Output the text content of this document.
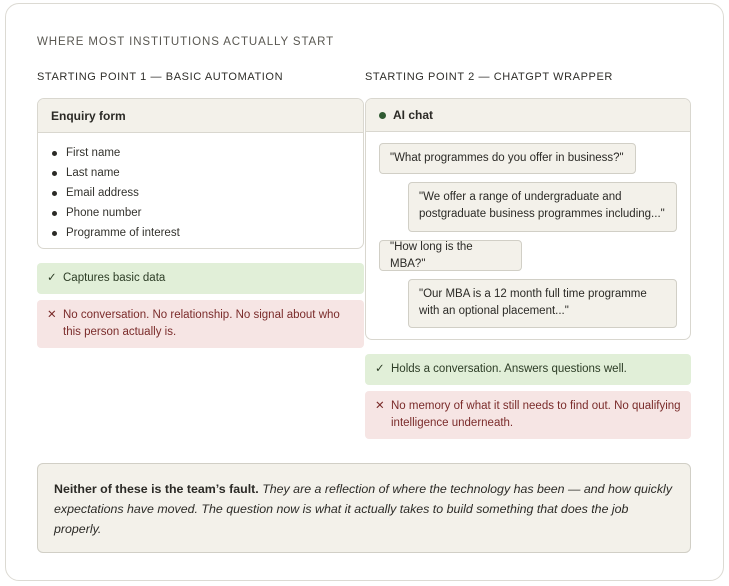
WHERE MOST INSTITUTIONS ACTUALLY START
STARTING POINT 1 — BASIC AUTOMATION
Enquiry form
First name
Last name
Email address
Phone number
Programme of interest
✓ Captures basic data
✕ No conversation. No relationship. No signal about who this person actually is.
STARTING POINT 2 — CHATGPT WRAPPER
AI chat
"What programmes do you offer in business?"
"We offer a range of undergraduate and postgraduate business programmes including..."
"How long is the MBA?"
"Our MBA is a 12 month full time programme with an optional placement..."
✓ Holds a conversation. Answers questions well.
✕ No memory of what it still needs to find out. No qualifying intelligence underneath.
Neither of these is the team’s fault. They are a reflection of where the technology has been — and how quickly expectations have moved. The question now is what it actually takes to build something that does the job properly.
